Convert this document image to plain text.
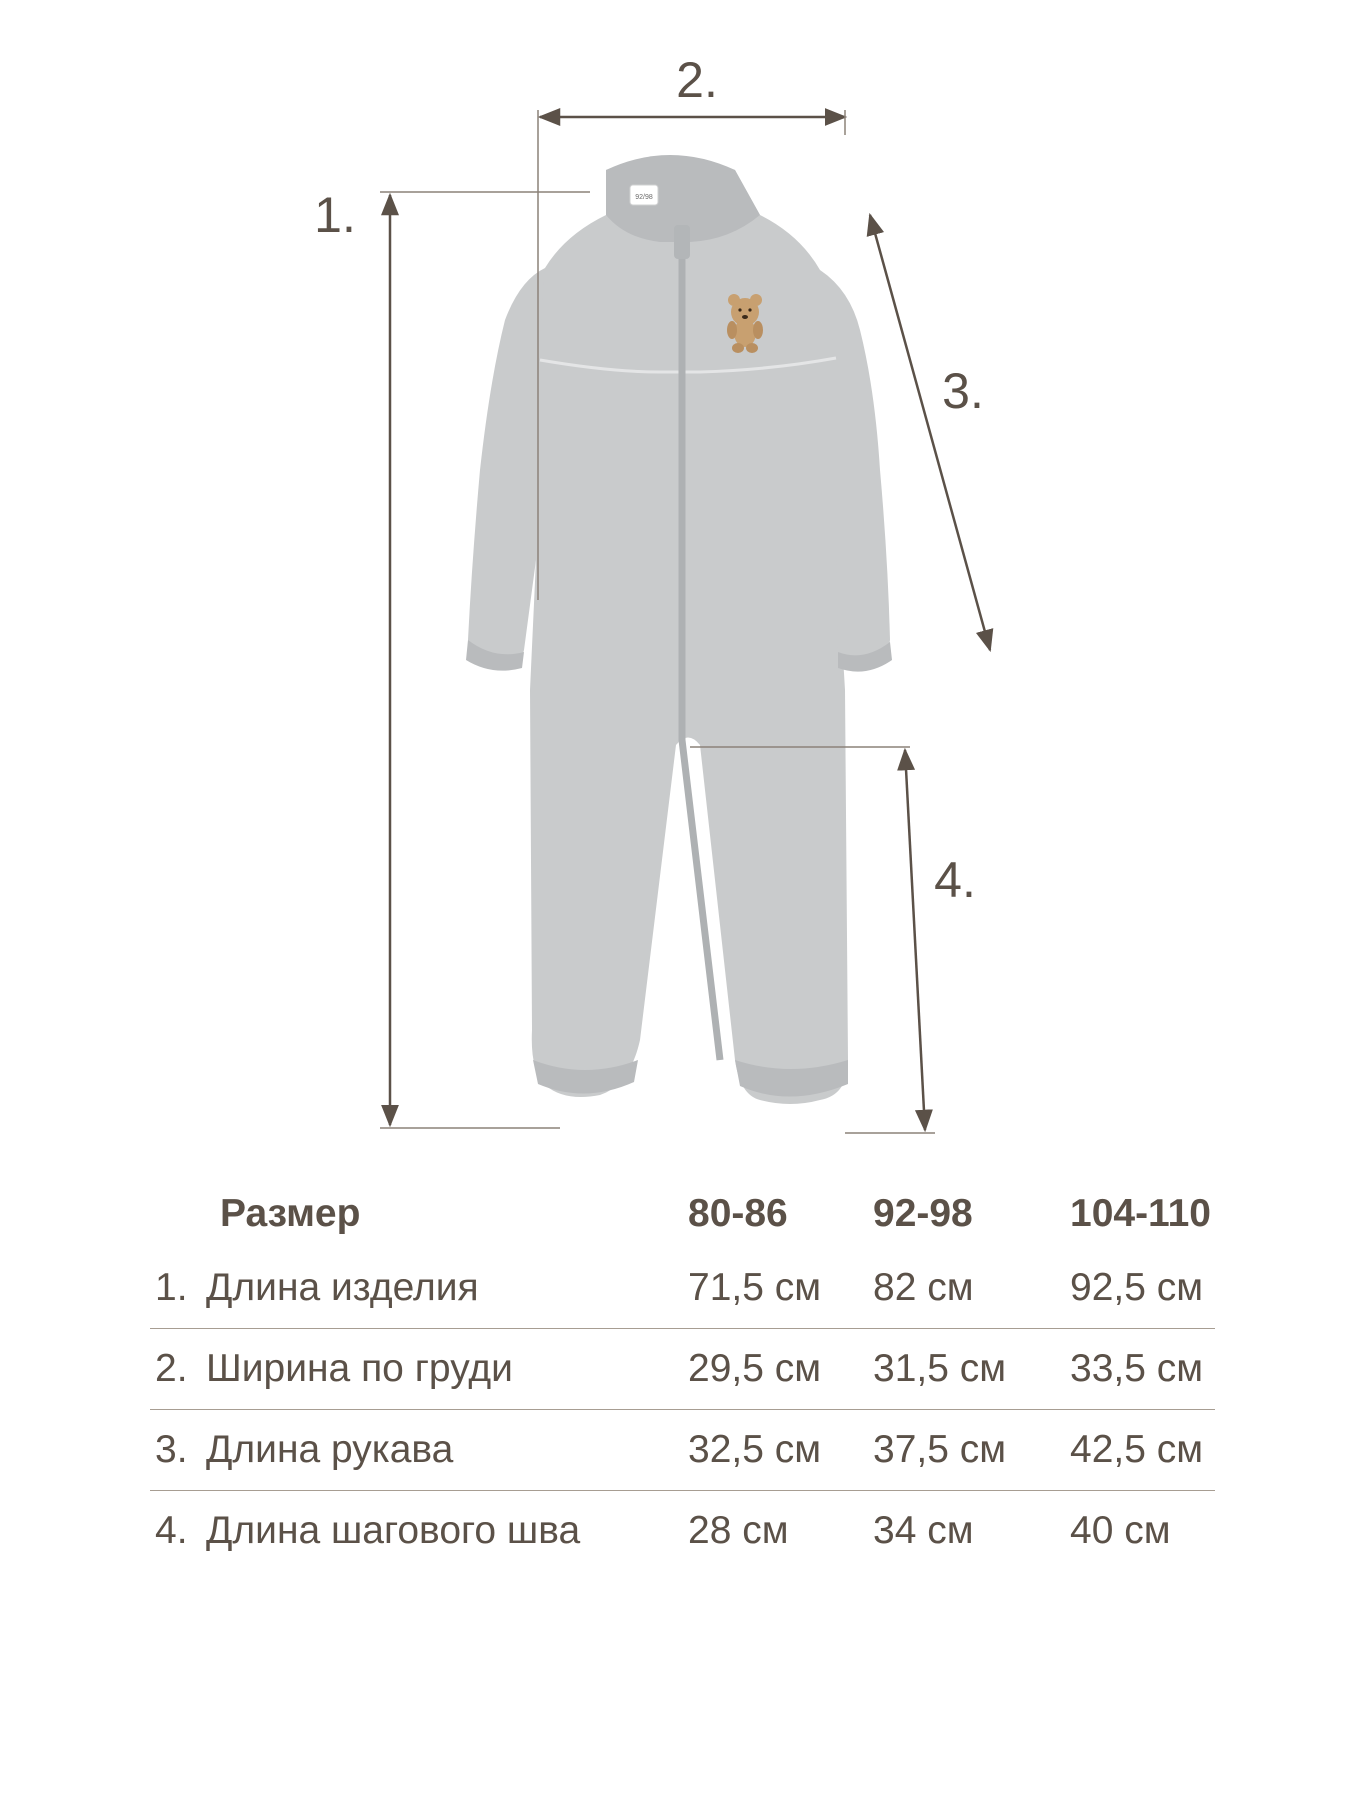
92/98
1.
2.
3.
4.
Размер	80-86 92-98 104-110
1. Длина изделия	71,5 см 82 см 92,5 см
2. Ширина по груди	29,5 см 31,5 см 33,5 см
3. Длина рукава	32,5 см 37,5 см 42,5 см
4. Длина шагового шва	28 см 34 см 40 см
